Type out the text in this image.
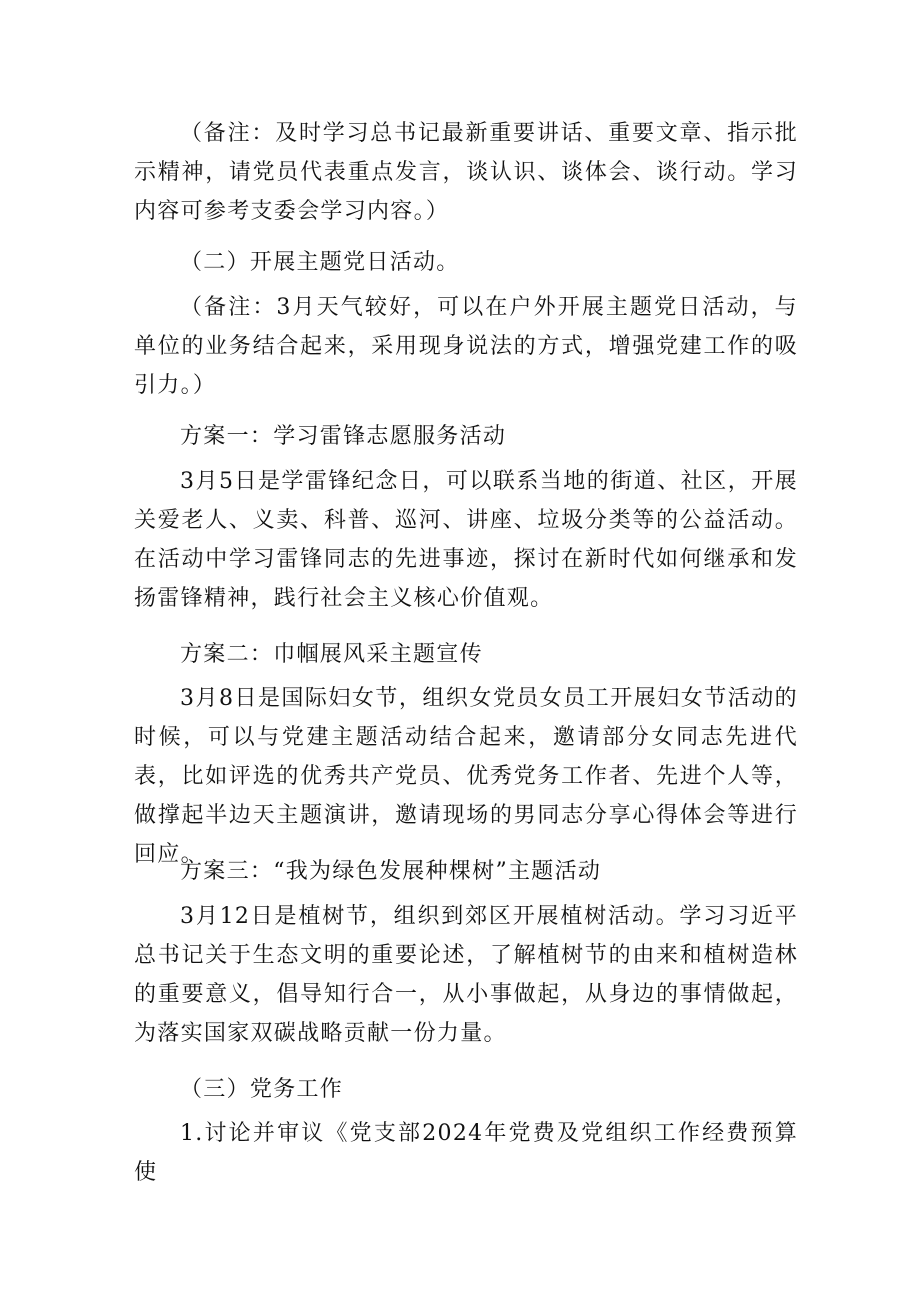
（备注：及时学习总书记最新重要讲话、重要文章、指示批示精神，请党员代表重点发言，谈认识、谈体会、谈行动。学习内容可参考支委会学习内容。）

（二）开展主题党日活动。

（备注：3月天气较好，可以在户外开展主题党日活动，与单位的业务结合起来，采用现身说法的方式，增强党建工作的吸引力。）

方案一：学习雷锋志愿服务活动

3月5日是学雷锋纪念日，可以联系当地的街道、社区，开展关爱老人、义卖、科普、巡河、讲座、垃圾分类等的公益活动。在活动中学习雷锋同志的先进事迹，探讨在新时代如何继承和发扬雷锋精神，践行社会主义核心价值观。

方案二：巾帼展风采主题宣传

3月8日是国际妇女节，组织女党员女员工开展妇女节活动的时候，可以与党建主题活动结合起来，邀请部分女同志先进代表，比如评选的优秀共产党员、优秀党务工作者、先进个人等，做撑起半边天主题演讲，邀请现场的男同志分享心得体会等进行回应。

方案三：“我为绿色发展种棵树”主题活动

3月12日是植树节，组织到郊区开展植树活动。学习习近平总书记关于生态文明的重要论述，了解植树节的由来和植树造林的重要意义，倡导知行合一，从小事做起，从身边的事情做起，为落实国家双碳战略贡献一份力量。

（三）党务工作

1.讨论并审议《党支部2024年党费及党组织工作经费预算使
